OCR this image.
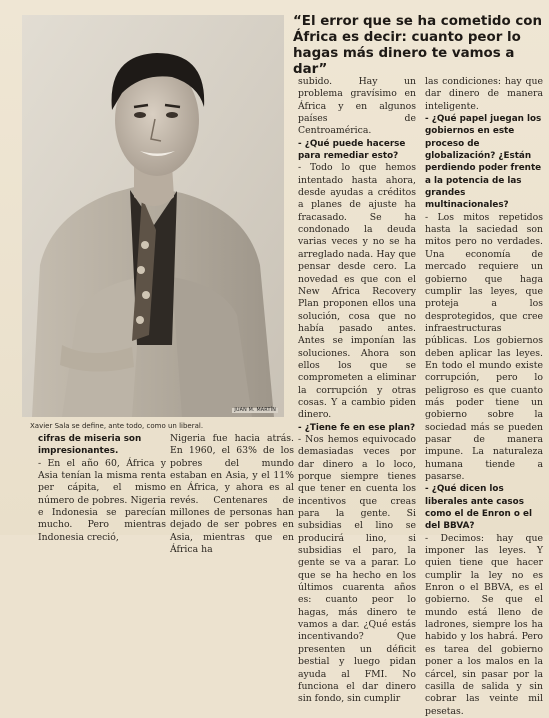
“El error que se ha cometido con África es decir: cuanto peor lo hagas más dinero te vamos a dar”
JUAN M. MARTÍN

Xavier Sala se define, ante todo, como un liberal.

cifras de miseria son impresionantes.

- En el año 60, África y Asia tenían la misma renta per cápita, el mismo número de pobres. Nigeria e Indonesia se parecían mucho. Pero mientras Indonesia creció,

Nigeria fue hacia atrás. En 1960, el 63% de los pobres del mundo estaban en Asia, y el 11% en África, y ahora es al revés. Centenares de millones de personas han dejado de ser pobres en Asia, mientras que en África ha

subido. Hay un problema gravísimo en África y en algunos países de Centroamérica.

- ¿Qué puede hacerse para remediar esto?

- Todo lo que hemos intentado hasta ahora, desde ayudas a créditos a planes de ajuste ha fracasado. Se ha condonado la deuda varias veces y no se ha arreglado nada. Hay que pensar desde cero. La novedad es que con el New Africa Recovery Plan proponen ellos una solución, cosa que no había pasado antes. Antes se imponían las soluciones. Ahora son ellos los que se comprometen a eliminar la corrupción y otras cosas. Y a cambio piden dinero.

- ¿Tiene fe en ese plan?

- Nos hemos equivocado demasiadas veces por dar dinero a lo loco, porque siempre tienes que tener en cuenta los incentivos que creas para la gente. Si subsidias el lino se producirá lino, si subsidias el paro, la gente se va a parar. Lo que se ha hecho en los últimos cuarenta años es: cuanto peor lo hagas, más dinero te vamos a dar. ¿Qué estás incentivando? Que presenten un déficit bestial y luego pidan ayuda al FMI. No funciona el dar dinero sin fondo, sin cumplir

las condiciones: hay que dar dinero de manera inteligente.

- ¿Qué papel juegan los gobiernos en este proceso de globalización? ¿Están perdiendo poder frente a la potencia de las grandes multinacionales?

- Los mitos repetidos hasta la saciedad son mitos pero no verdades. Una economía de mercado requiere un gobierno que haga cumplir las leyes, que proteja a los desprotegidos, que cree infraestructuras públicas. Los gobiernos deben aplicar las leyes. En todo el mundo existe corrupción, pero lo peligroso es que cuanto más poder tiene un gobierno sobre la sociedad más se pueden pasar de manera impune. La naturaleza humana tiende a pasarse.

- ¿Qué dicen los liberales ante casos como el de Enron o el del BBVA?

- Decimos: hay que imponer las leyes. Y quien tiene que hacer cumplir la ley no es Enron o el BBVA, es el gobierno. Se que el mundo está lleno de ladrones, siempre los ha habido y los habrá. Pero es tarea del gobierno poner a los malos en la cárcel, sin pasar por la casilla de salida y sin cobrar las veinte mil pesetas.
